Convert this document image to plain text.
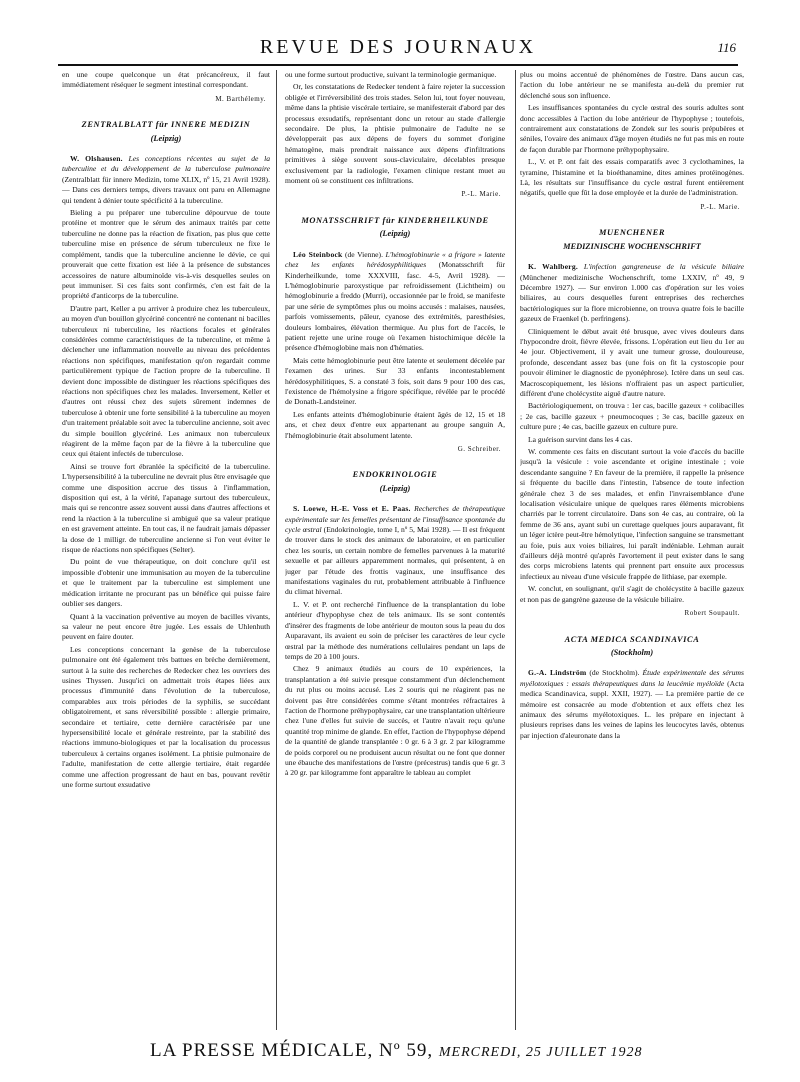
REVUE DES JOURNAUX	116

en une coupe quelconque un état précancéreux, il faut immédiatement réséquer le segment intestinal correspondant.

M. Barthélemy.
ZENTRALBLATT für INNERE MEDIZIN
(Leipzig)

W. Olshausen. Les conceptions récentes au sujet de la tuberculine et du développement de la tuberculose pulmonaire (Zentralblatt für innere Medizin, tome XLIX, nº 15, 21 Avril 1928). — Dans ces derniers temps, divers travaux ont paru en Allemagne qui tendent à dénier toute spécificité à la tuberculine.

Bieling a pu préparer une tuberculine dépourvue de toute protéine et montrer que le sérum des animaux traités par cette tuberculine ne donne pas la réaction de fixation, pas plus que cette tuberculine mise en présence de sérum tuberculeux ne fixe le complément, tandis que la tuberculine ancienne le dévie, ce qui prouverait que cette fixation est liée à la présence de substances accessoires de nature albuminoïde vis-à-vis desquelles seules on peut immuniser. Si ces faits sont confirmés, c'en est fait de la propriété d'anticorps de la tuberculine.

D'autre part, Keller a pu arriver à produire chez les tuberculeux, au moyen d'un bouillon glycériné concentré ne contenant ni bacilles tuberculeux ni tuberculine, les réactions focales et générales considérées comme caractéristiques de la tuberculine, et même à déclencher une inflammation nouvelle au niveau des précédentes réactions non spécifiques, manifestation qu'on regardait comme particulièrement typique de l'action propre de la tuberculine. Il devient donc impossible de distinguer les réactions spécifiques des réactions non spécifiques chez les malades. Inversement, Keller et d'autres ont réussi chez des sujets sûrement indemnes de tuberculose à obtenir une forte sensibilité à la tuberculine au moyen d'un traitement préalable soit avec la tuberculine ancienne, soit avec du simple bouillon glycériné. Les animaux non tuberculeux réagirent de la même façon par de la fièvre à la tuberculine que ceux qui étaient infectés de tuberculose.

Ainsi se trouve fort ébranlée la spécificité de la tuberculine. L'hypersensibilité à la tuberculine ne devrait plus être envisagée que comme une disposition accrue des tissus à l'inflammation, disposition qui est, à la vérité, l'apanage surtout des tuberculeux, mais qui se rencontre assez souvent aussi dans d'autres affections et rend la réaction à la tuberculine si ambiguë que sa valeur pratique en est gravement atteinte. En tout cas, il ne faudrait jamais dépasser la dose de 1 milligr. de tuberculine ancienne si l'on veut éviter le risque de réactions non spécifiques (Selter).

Du point de vue thérapeutique, on doit conclure qu'il est impossible d'obtenir une immunisation au moyen de la tuberculine et que le traitement par la tuberculine est simplement une médication irritante ne procurant pas un bénéfice qui puisse faire oublier ses dangers.

Quant à la vaccination préventive au moyen de bacilles vivants, sa valeur ne peut encore être jugée. Les essais de Uhlenhuth peuvent en faire douter.

Les conceptions concernant la genèse de la tuberculose pulmonaire ont été également très battues en brèche dernièrement, surtout à la suite des recherches de Redecker chez les ouvriers des usines Thyssen. Jusqu'ici on admettait trois étapes liées aux processus d'immunité dans l'évolution de la tuberculose, comparables aux trois périodes de la syphilis, se succédant obligatoirement, et sans réversibilité possible : allergie primaire, secondaire et tertiaire, cette dernière caractérisée par une hypersensibilité locale et générale restreinte, par la stabilité des réactions immuno-biologiques et par la localisation du processus tuberculeux à certains organes isolément. La phtisie pulmonaire de l'adulte, manifestation de cette allergie tertiaire, était regardée comme une affection progressant de haut en bas, pouvant revêtir une forme surtout exsudative

ou une forme surtout productive, suivant la terminologie germanique.

Or, les constatations de Redecker tendent à faire rejeter la succession obligée et l'irréversibilité des trois stades. Selon lui, tout foyer nouveau, même dans la phtisie viscérale tertiaire, se manifesterait d'abord par des processus exsudatifs, représentant donc un retour au stade d'allergie secondaire. De plus, la phtisie pulmonaire de l'adulte ne se développerait pas aux dépens de foyers du sommet d'origine hématogène, mais prendrait naissance aux dépens d'infiltrations primitives à siège souvent sous-claviculaire, décelables presque exclusivement par la radiologie, l'examen clinique restant muet au moment où se constituent ces infiltrations.

P.-L. Marie.
MONATSSCHRIFT für KINDERHEILKUNDE
(Leipzig)

Léo Steinbock (de Vienne). L'hémoglobinurie « a frigore » latente chez les enfants hérédosyphilitiques (Monatsschrift für Kinderheilkunde, tome XXXVIII, fasc. 4-5, Avril 1928). — L'hémoglobinurie paroxystique par refroidissement (Lichtheim) ou hémoglobinurie a freddo (Murri), occasionnée par le froid, se manifeste par une série de symptômes plus ou moins accusés : malaises, nausées, parfois vomissements, pâleur, cyanose des extrémités, paresthésies, douleurs lombaires, élévation thermique. Au plus fort de l'accès, le patient rejette une urine rouge où l'examen histochimique décèle la présence d'hémoglobine mais non d'hématies.

Mais cette hémoglobinurie peut être latente et seulement décelée par l'examen des urines. Sur 33 enfants incontestablement hérédosyphilitiques, S. a constaté 3 fois, soit dans 9 pour 100 des cas, l'existence de l'hémolysine a frigore spécifique, révélée par le procédé de Donath-Landsteiner.

Les enfants atteints d'hémoglobinurie étaient âgés de 12, 15 et 18 ans, et chez deux d'entre eux appartenant au groupe sanguin A, l'hémoglobinurie était absolument latente.

G. Schreiber.
ENDOKRINOLOGIE
(Leipzig)

S. Loewe, H.-E. Voss et E. Paas. Recherches de thérapeutique expérimentale sur les femelles présentant de l'insuffisance spontanée du cycle œstral (Endokrinologie, tome I, nº 5, Mai 1928). — Il est fréquent de trouver dans le stock des animaux de laboratoire, et en particulier chez les souris, un certain nombre de femelles parvenues à la maturité sexuelle et par ailleurs apparemment normales, qui présentent, à en juger par l'étude des frottis vaginaux, une insuffisance des manifestations vaginales du rut, probablement attribuable à l'influence du climat hivernal.

L. V. et P. ont recherché l'influence de la transplantation du lobe antérieur d'hypophyse chez de tels animaux. Ils se sont contentés d'insérer des fragments de lobe antérieur de mouton sous la peau du dos Auparavant, ils avaient eu soin de préciser les caractères de leur cycle œstral par la méthode des numérations cellulaires pendant un laps de temps de 20 à 100 jours.

Chez 9 animaux étudiés au cours de 10 expériences, la transplantation a été suivie presque constamment d'un déclenchement du rut plus ou moins accusé. Les 2 souris qui ne réagirent pas ne doivent pas être considérées comme s'étant montrées réfractaires à l'action de l'hormone préhypophysaire, car une transplantation ultérieure chez l'une d'elles fut suivie de succès, et l'autre n'avait reçu qu'une quantité trop minime de glande. En effet, l'action de l'hypophyse dépend de la quantité de glande transplantée : 0 gr. 6 à 3 gr. 2 par kilogramme de poids corporel ou ne produisent aucun résultat ou ne font que donner une ébauche des manifestations de l'œstre (précestrus) tandis que 6 gr. 3 à 20 gr. par kilogramme font apparaître le tableau au complet

plus ou moins accentué de phénomènes de l'œstre. Dans aucun cas, l'action du lobe antérieur ne se manifesta au-delà du premier rut déclenché sous son influence.

Les insuffisances spontanées du cycle œstral des souris adultes sont donc accessibles à l'action du lobe antérieur de l'hypophyse ; toutefois, contrairement aux constatations de Zondek sur les souris prépubères et séniles, l'ovaire des animaux d'âge moyen étudiés ne fut pas mis en route de façon durable par l'hormone préhypophysaire.

L., V. et P. ont fait des essais comparatifs avec 3 cyclothamines, la tyramine, l'histamine et la bioéthanamine, dites amines protéinogènes. Là, les résultats sur l'insuffisance du cycle œstral furent entièrement négatifs, quelle que fût la dose employée et la durée de l'administration.

P.-L. Marie.
MUENCHENER
MEDIZINISCHE WOCHENSCHRIFT

K. Wahlberg. L'infection gangreneuse de la vésicule biliaire (Münchener medizinische Wochenschrift, tome LXXIV, nº 49, 9 Décembre 1927). — Sur environ 1.000 cas d'opération sur les voies biliaires, au cours desquelles furent entreprises des recherches bactériologiques sur la flore microbienne, on trouva quatre fois le bacille gazeux de Fraenkel (b. perfringens).

Cliniquement le début avait été brusque, avec vives douleurs dans l'hypocondre droit, fièvre élevée, frissons. L'opération eut lieu du 1er au 4e jour. Objectivement, il y avait une tumeur grosse, douloureuse, profonde, descendant assez bas (une fois on fit la cystoscopie pour pouvoir éliminer le diagnostic de pyonéphrose). Ictère dans un seul cas. Macroscopiquement, les lésions n'offraient pas un aspect particulier, différent d'une cholécystite aiguë d'autre nature.

Bactériologiquement, on trouva : 1er cas, bacille gazeux + colibacilles ; 2e cas, bacille gazeux + pneumocoques ; 3e cas, bacille gazeux en culture pure ; 4e cas, bacille gazeux en culture pure.

La guérison survint dans les 4 cas.

W. commente ces faits en discutant surtout la voie d'accès du bacille jusqu'à la vésicule : voie ascendante et origine intestinale ; voie descendante sanguine ? En faveur de la première, il rappelle la présence si fréquente du bacille dans l'intestin, l'absence de toute infection générale chez 3 de ses malades, et enfin l'invraisemblance d'une localisation vésiculaire unique de quelques rares éléments microbiens charriés par le torrent circulatoire. Dans son 4e cas, au contraire, où la femme de 36 ans, ayant subi un curettage quelques jours auparavant, fit un léger ictère peut-être hémolytique, l'infection sanguine se transmettant au foie, puis aux voies biliaires, lui paraît indéniable. Lehman aurait d'ailleurs déjà montré qu'après l'avortement il peut exister dans le sang des corps microbiens latents qui prennent part ensuite aux processus infectieux au niveau d'une vésicule frappée de lithiase, par exemple.

W. conclut, en soulignant, qu'il s'agit de cholécystite à bacille gazeux et non pas de gangrène gazeuse de la vésicule biliaire.

Robert Soupault.
ACTA MEDICA SCANDINAVICA
(Stockholm)

G.-A. Lindström (de Stockholm). Étude expérimentale des sérums myélotoxiques : essais thérapeutiques dans la leucémie myéloïde (Acta medica Scandinavica, suppl. XXII, 1927). — La première partie de ce mémoire est consacrée au mode d'obtention et aux effets chez les animaux des sérums myélotoxiques. L. les prépare en injectant à plusieurs reprises dans les veines de lapins les leucocytes lavés, obtenus par injection d'aleuronate dans la

LA PRESSE MÉDICALE, Nº 59, MERCREDI, 25 JUILLET 1928
